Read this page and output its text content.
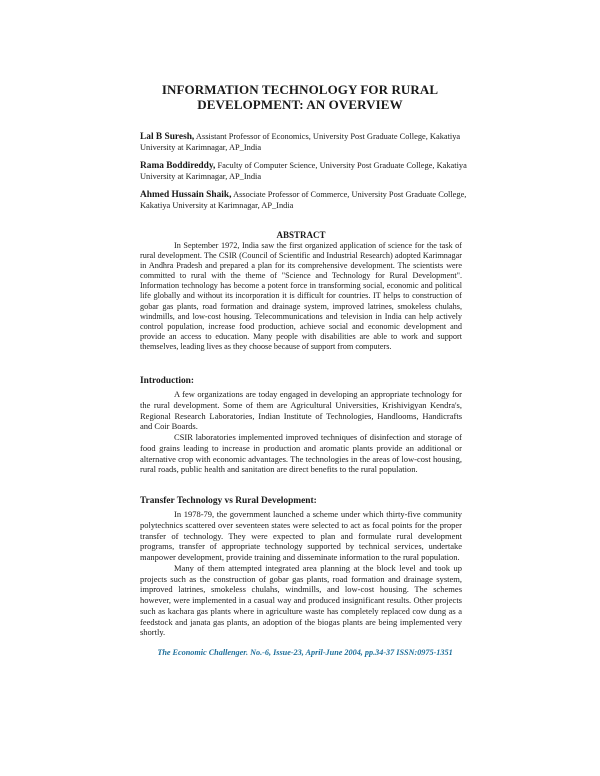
INFORMATION TECHNOLOGY FOR RURAL
DEVELOPMENT: AN OVERVIEW
Lal B Suresh, Assistant Professor of Economics, University Post Graduate College, Kakatiya University at Karimnagar, AP_India
Rama Boddireddy, Faculty of Computer Science, University Post Graduate College, Kakatiya University at Karimnagar, AP_India
Ahmed Hussain Shaik, Associate Professor of Commerce, University Post Graduate College, Kakatiya University at Karimnagar, AP_India
ABSTRACT

In September 1972, India saw the first organized application of science for the task of rural development. The CSIR (Council of Scientific and Industrial Research) adopted Karimnagar in Andhra Pradesh and prepared a plan for its comprehensive development. The scientists were committed to rural with the theme of "Science and Technology for Rural Development". Information technology has become a potent force in transforming social, economic and political life globally and without its incorporation it is difficult for countries. IT helps to construction of gobar gas plants, road formation and drainage system, improved latrines, smokeless chulahs, windmills, and low-cost housing. Telecommunications and television in India can help actively control population, increase food production, achieve social and economic development and provide an access to education. Many people with disabilities are able to work and support themselves, leading lives as they choose because of support from computers.

Introduction:

A few organizations are today engaged in developing an appropriate technology for the rural development. Some of them are Agricultural Universities, Krishivigyan Kendra's, Regional Research Laboratories, Indian Institute of Technologies, Handlooms, Handicrafts and Coir Boards.

CSIR laboratories implemented improved techniques of disinfection and storage of food grains leading to increase in production and aromatic plants provide an additional or alternative crop with economic advantages. The technologies in the areas of low-cost housing, rural roads, public health and sanitation are direct benefits to the rural population.

Transfer Technology vs Rural Development:

In 1978-79, the government launched a scheme under which thirty-five community polytechnics scattered over seventeen states were selected to act as focal points for the proper transfer of technology. They were expected to plan and formulate rural development programs, transfer of appropriate technology supported by technical services, undertake manpower development, provide training and disseminate information to the rural population.

Many of them attempted integrated area planning at the block level and took up projects such as the construction of gobar gas plants, road formation and drainage system, improved latrines, smokeless chulahs, windmills, and low-cost housing. The schemes however, were implemented in a casual way and produced insignificant results. Other projects such as kachara gas plants where in agriculture waste has completely replaced cow dung as a feedstock and janata gas plants, an adoption of the biogas plants are being implemented very shortly.

The Economic Challenger. No.-6, Issue-23, April-June 2004, pp.34-37 ISSN:0975-1351
